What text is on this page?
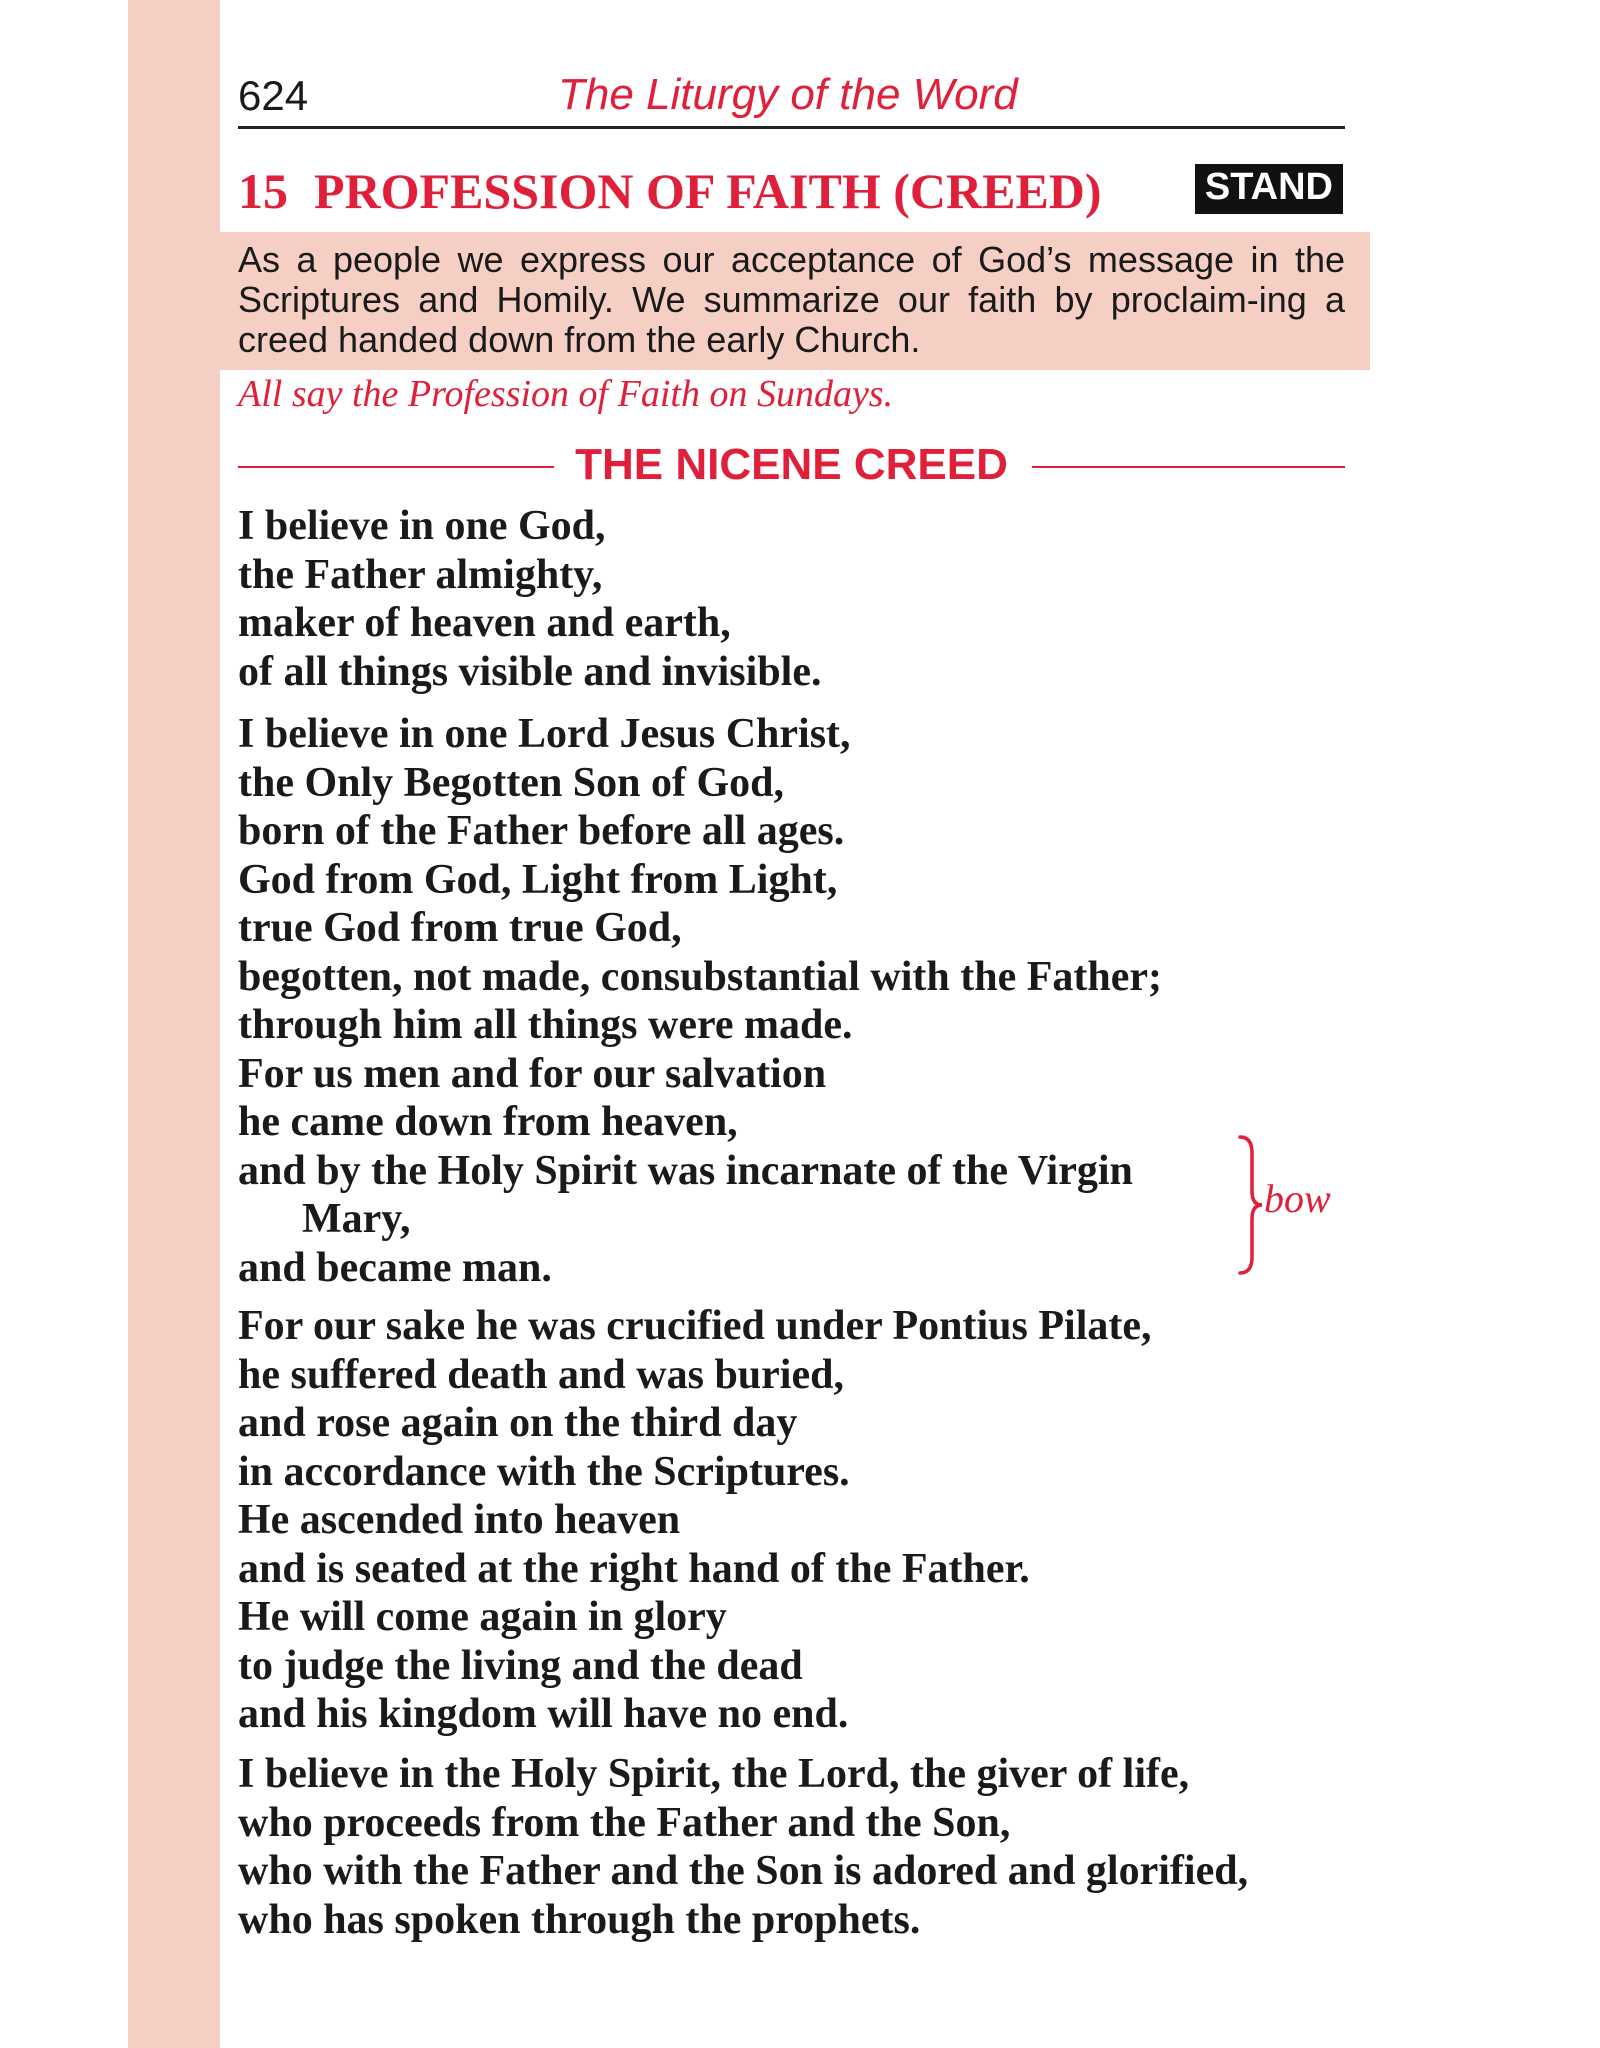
624	The Liturgy of the Word
15 PROFESSION OF FAITH (CREED)	STAND
As a people we express our acceptance of God’s message in the Scriptures and Homily. We summarize our faith by proclaim-ing a creed handed down from the early Church.
All say the Profession of Faith on Sundays.
THE NICENE CREED
I believe in one God,
the Father almighty,
maker of heaven and earth,
of all things visible and invisible.
I believe in one Lord Jesus Christ,
the Only Begotten Son of God,
born of the Father before all ages.
God from God, Light from Light,
true God from true God,
begotten, not made, consubstantial with the Father;
through him all things were made.
For us men and for our salvation
he came down from heaven,
and by the Holy Spirit was incarnate of the Virgin
Mary,
and became man.
bow
For our sake he was crucified under Pontius Pilate,
he suffered death and was buried,
and rose again on the third day
in accordance with the Scriptures.
He ascended into heaven
and is seated at the right hand of the Father.
He will come again in glory
to judge the living and the dead
and his kingdom will have no end.
I believe in the Holy Spirit, the Lord, the giver of life,
who proceeds from the Father and the Son,
who with the Father and the Son is adored and glorified,
who has spoken through the prophets.
